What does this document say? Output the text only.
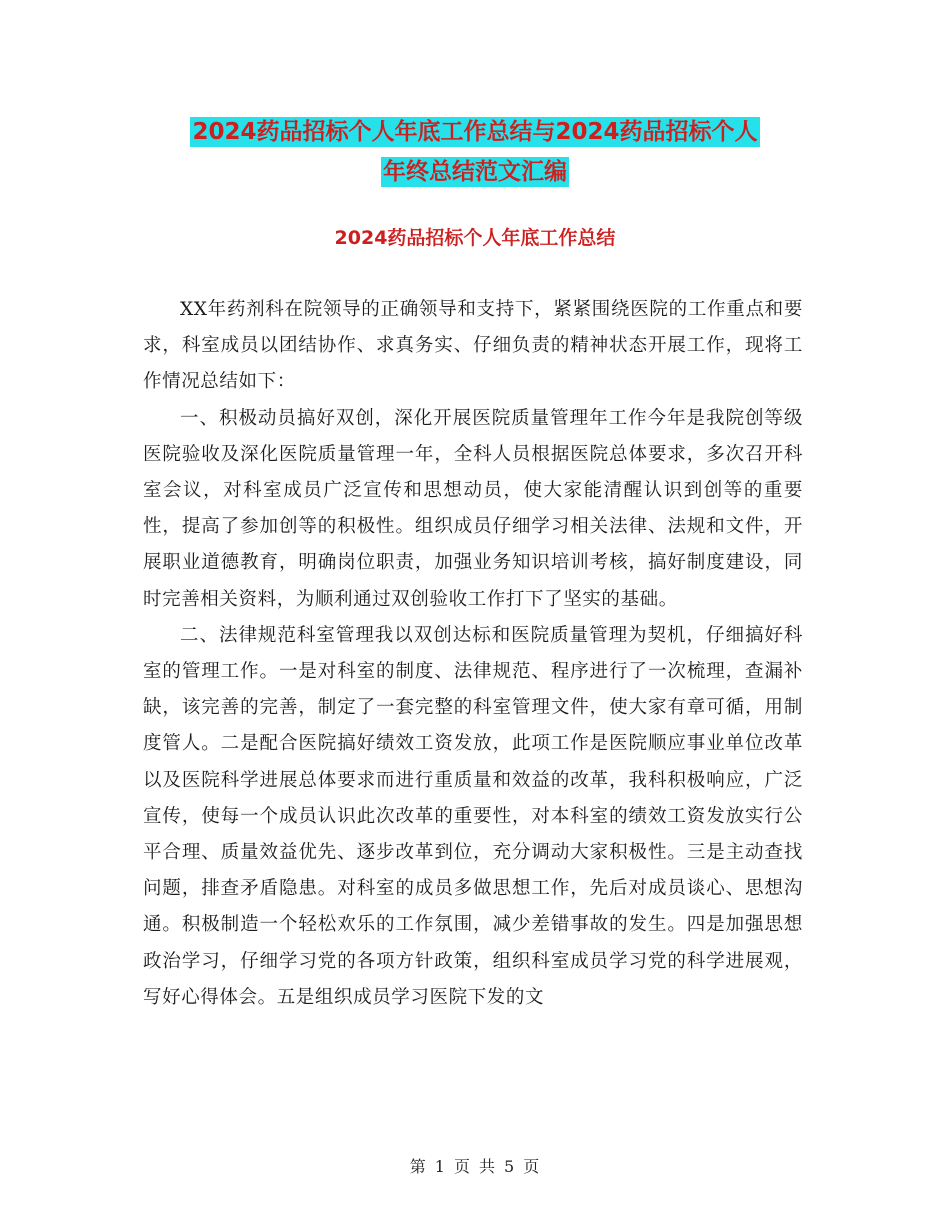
2024药品招标个人年底工作总结与2024药品招标个人
年终总结范文汇编
2024药品招标个人年底工作总结

XX年药剂科在院领导的正确领导和支持下，紧紧围绕医院的工作重点和要求，科室成员以团结协作、求真务实、仔细负责的精神状态开展工作，现将工作情况总结如下：

一、积极动员搞好双创，深化开展医院质量管理年工作今年是我院创等级医院验收及深化医院质量管理一年，全科人员根据医院总体要求，多次召开科室会议，对科室成员广泛宣传和思想动员，使大家能清醒认识到创等的重要性，提高了参加创等的积极性。组织成员仔细学习相关法律、法规和文件，开展职业道德教育，明确岗位职责，加强业务知识培训考核，搞好制度建设，同时完善相关资料，为顺利通过双创验收工作打下了坚实的基础。

二、法律规范科室管理我以双创达标和医院质量管理为契机，仔细搞好科室的管理工作。一是对科室的制度、法律规范、程序进行了一次梳理，查漏补缺，该完善的完善，制定了一套完整的科室管理文件，使大家有章可循，用制度管人。二是配合医院搞好绩效工资发放，此项工作是医院顺应事业单位改革以及医院科学进展总体要求而进行重质量和效益的改革，我科积极响应，广泛宣传，使每一个成员认识此次改革的重要性，对本科室的绩效工资发放实行公平合理、质量效益优先、逐步改革到位，充分调动大家积极性。三是主动查找问题，排查矛盾隐患。对科室的成员多做思想工作，先后对成员谈心、思想沟通。积极制造一个轻松欢乐的工作氛围，减少差错事故的发生。四是加强思想政治学习，仔细学习党的各项方针政策，组织科室成员学习党的科学进展观，写好心得体会。五是组织成员学习医院下发的文

第 1 页 共 5 页
